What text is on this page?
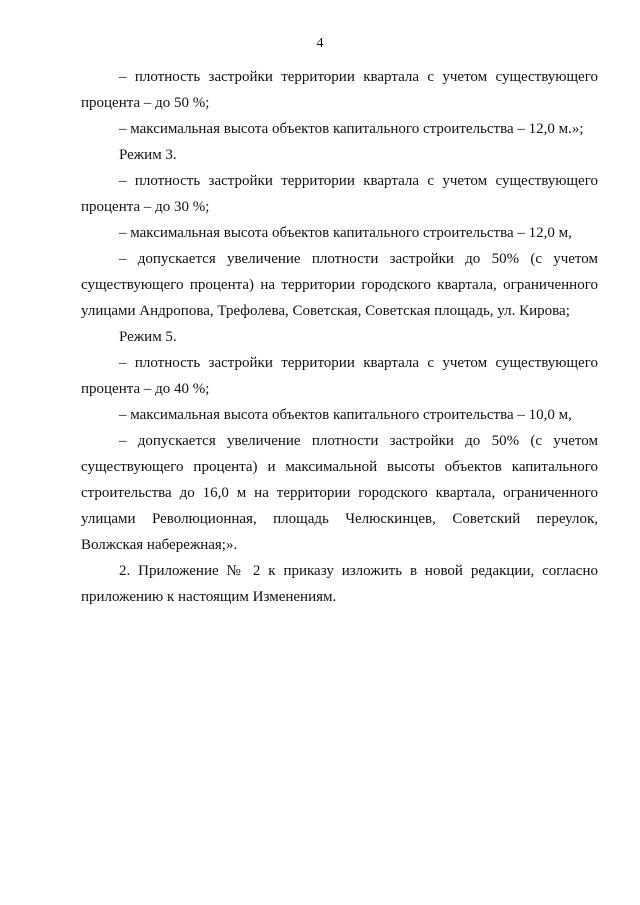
4

– плотность застройки территории квартала с учетом существующего процента – до 50 %;

– максимальная высота объектов капитального строительства – 12,0 м.»;

Режим 3.

– плотность застройки территории квартала с учетом существующего процента – до 30 %;

– максимальная высота объектов капитального строительства – 12,0 м,

– допускается увеличение плотности застройки до 50% (с учетом существующего процента) на территории городского квартала, ограниченного улицами Андропова, Трефолева, Советская, Советская площадь, ул. Кирова;

Режим 5.

– плотность застройки территории квартала с учетом существующего процента – до 40 %;

– максимальная высота объектов капитального строительства – 10,0 м,

– допускается увеличение плотности застройки до 50% (с учетом существующего процента) и максимальной высоты объектов капитального строительства до 16,0 м на территории городского квартала, ограниченного улицами Революционная, площадь Челюскинцев, Советский переулок, Волжская набережная;».

2. Приложение № 2 к приказу изложить в новой редакции, согласно приложению к настоящим Изменениям.
